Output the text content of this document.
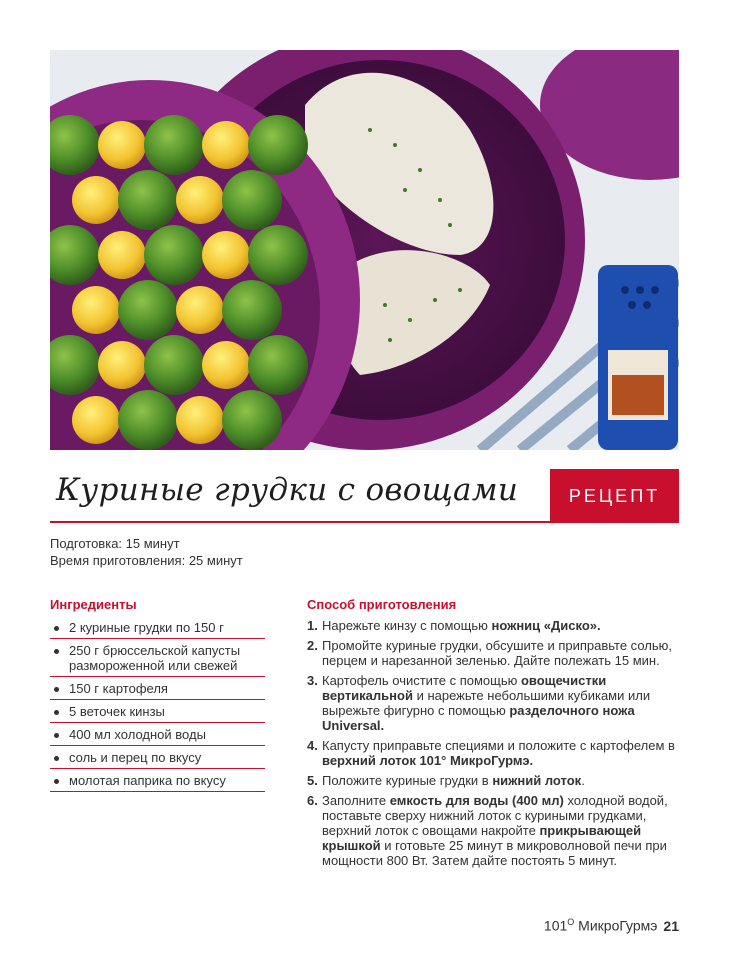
Куриные грудки с овощами	РЕЦЕПТ
Подготовка: 15 минут
Время приготовления: 25 минут
Ингредиенты
2 куриные грудки по 150 г
250 г брюссельской капусты размороженной или свежей
150 г картофеля
5 веточек кинзы
400 мл холодной воды
соль и перец по вкусу
молотая паприка по вкусу
Способ приготовления
1. Нарежьте кинзу с помощью ножниц «Диско».
2. Промойте куриные грудки, обсушите и приправьте солью, перцем и нарезанной зеленью. Дайте полежать 15 мин.
3. Картофель очистите с помощью овощечистки вертикальной и нарежьте небольшими кубиками или вырежьте фигурно с помощью разделочного ножа Universal.
4. Капусту приправьте специями и положите с картофелем в верхний лоток 101° МикроГурмэ.
5. Положите куриные грудки в нижний лоток.
6. Заполните емкость для воды (400 мл) холодной водой, поставьте сверху нижний лоток с куриными грудками, верхний лоток с овощами накройте прикрывающей крышкой и готовьте 25 минут в микроволновой печи при мощности 800 Вт. Затем дайте постоять 5 минут.
$101^O$ МикроГурмэ 21
